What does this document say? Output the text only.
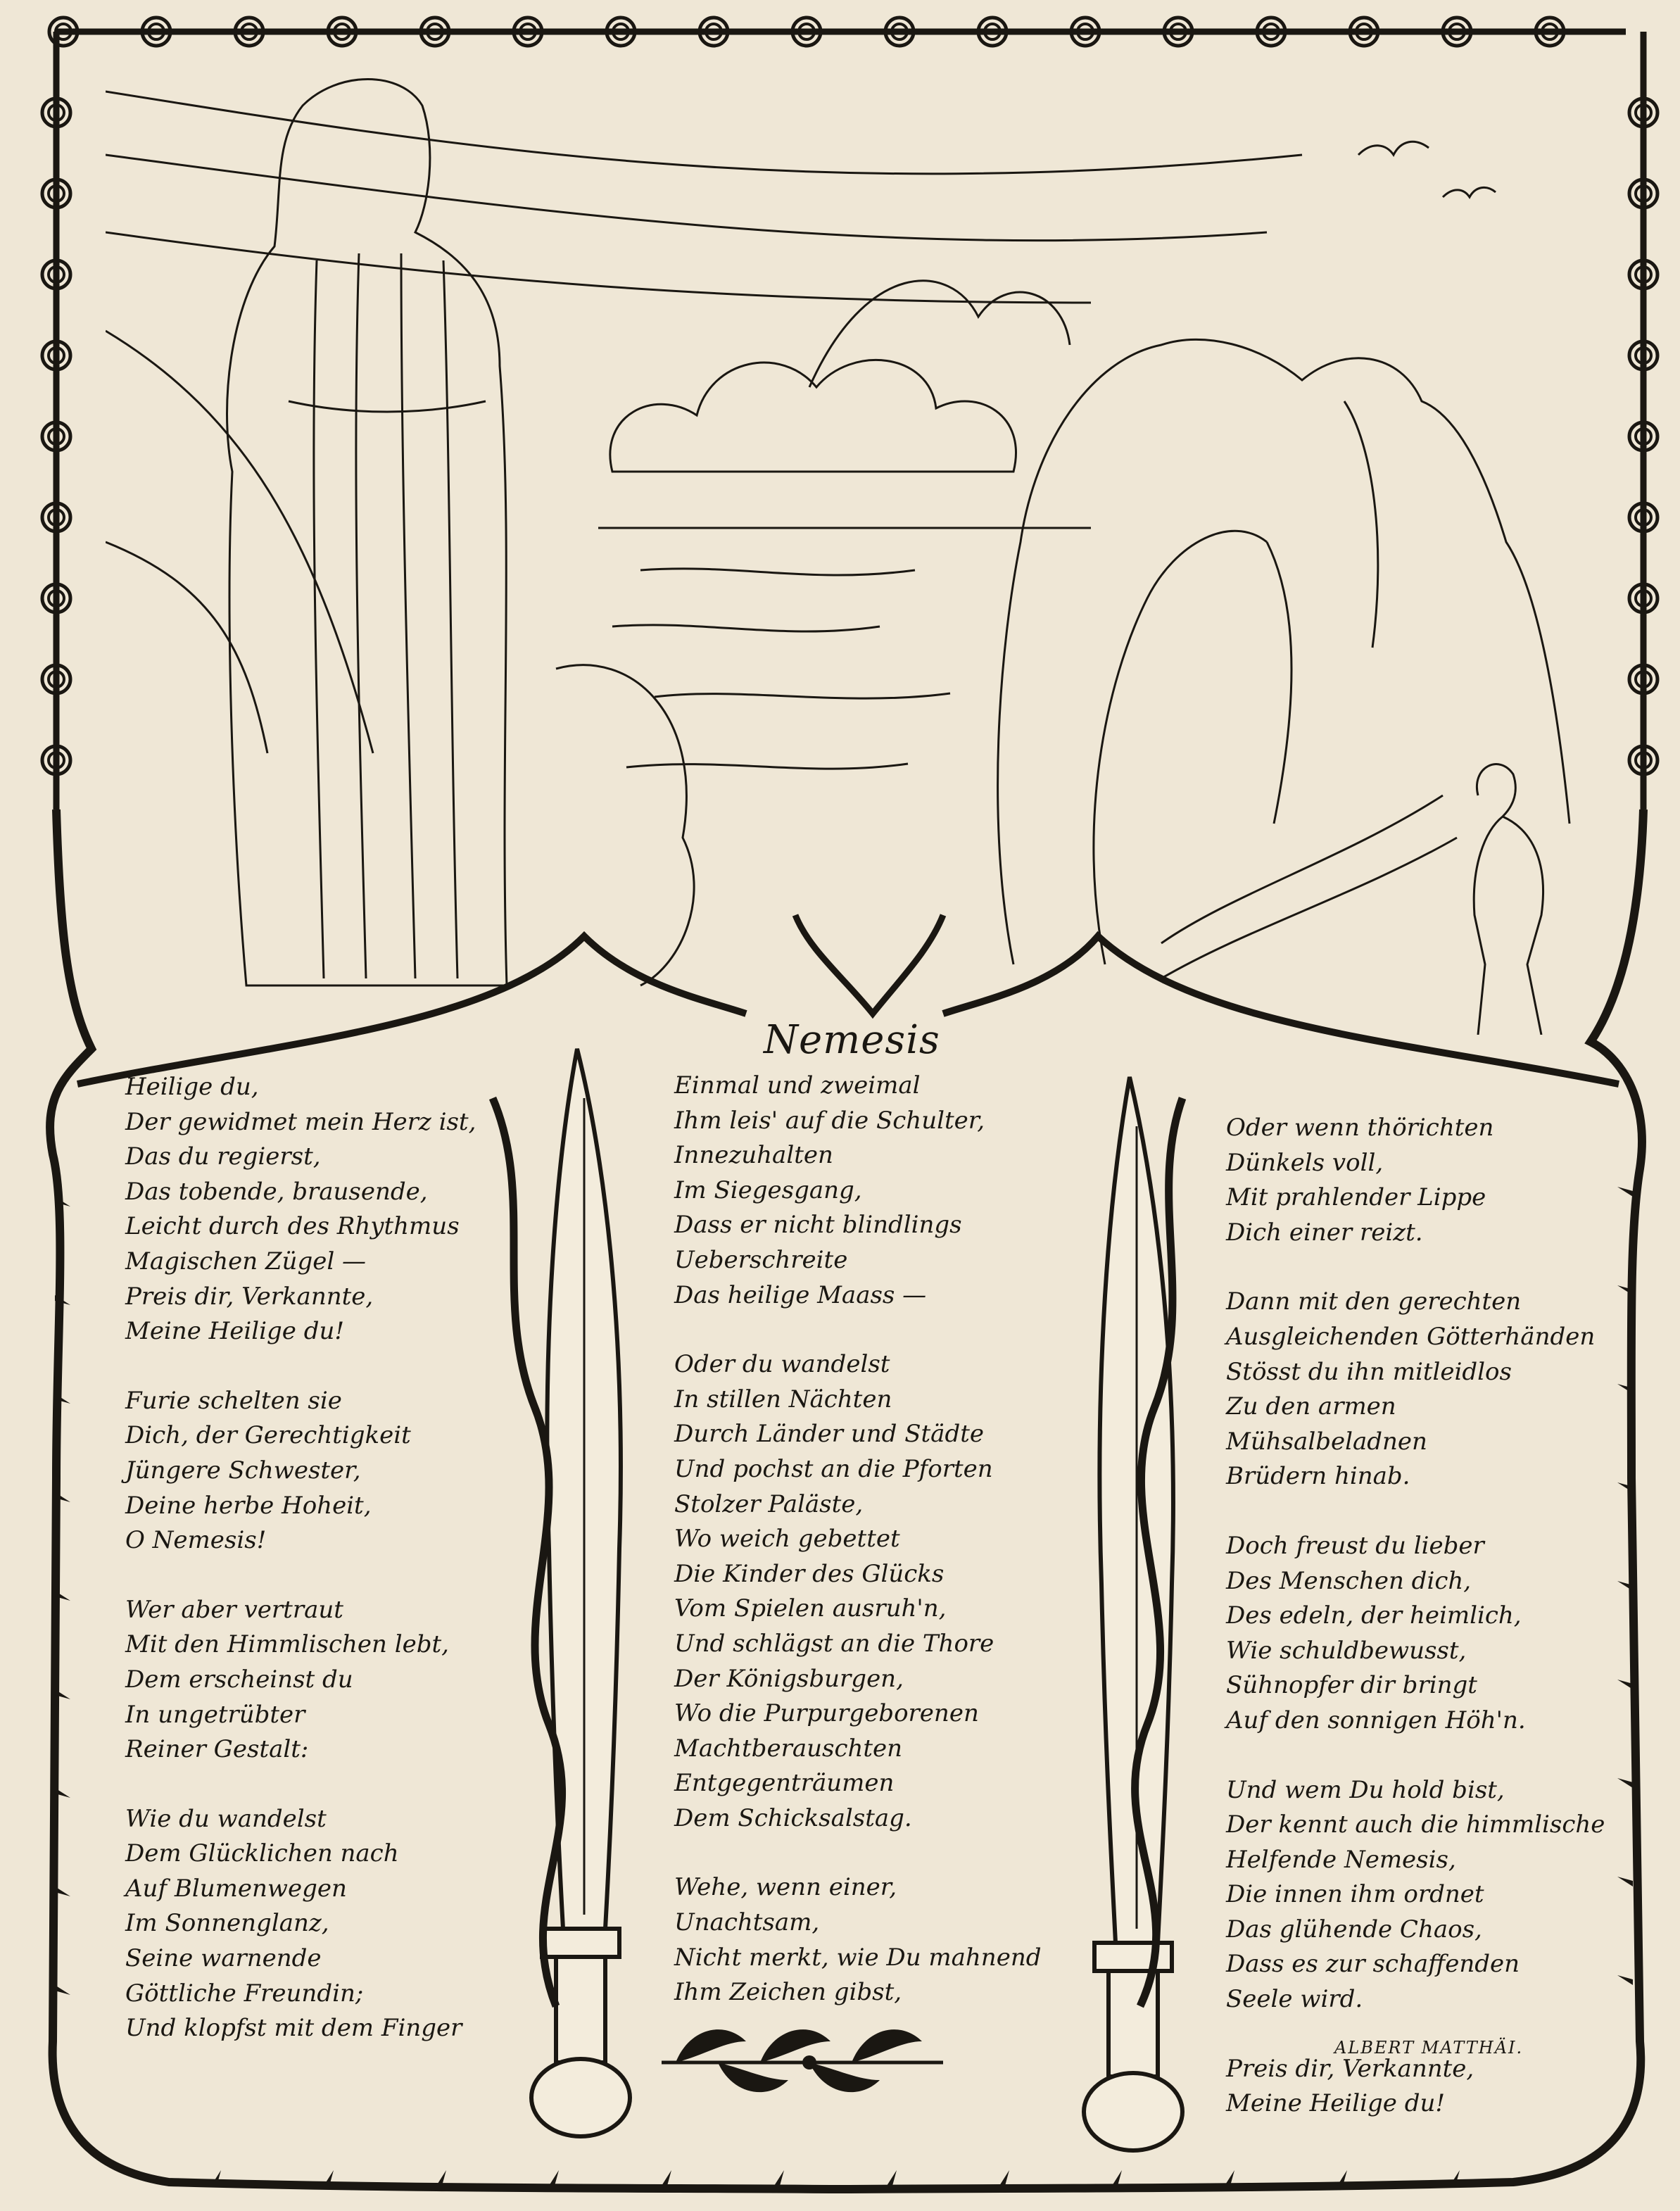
Nemesis
Heilige du,
Der gewidmet mein Herz ist,
Das du regierst,
Das tobende, brausende,
Leicht durch des Rhythmus
Magischen Zügel —
Preis dir, Verkannte,
Meine Heilige du!
Furie schelten sie
Dich, der Gerechtigkeit
Jüngere Schwester,
Deine herbe Hoheit,
O Nemesis!
Wer aber vertraut
Mit den Himmlischen lebt,
Dem erscheinst du
In ungetrübter
Reiner Gestalt:
Wie du wandelst
Dem Glücklichen nach
Auf Blumenwegen
Im Sonnenglanz,
Seine warnende
Göttliche Freundin;
Und klopfst mit dem Finger
Einmal und zweimal
Ihm leis' auf die Schulter,
Innezuhalten
Im Siegesgang,
Dass er nicht blindlings
Ueberschreite
Das heilige Maass —
Oder du wandelst
In stillen Nächten
Durch Länder und Städte
Und pochst an die Pforten
Stolzer Paläste,
Wo weich gebettet
Die Kinder des Glücks
Vom Spielen ausruh'n,
Und schlägst an die Thore
Der Königsburgen,
Wo die Purpurgeborenen
Machtberauschten
Entgegenträumen
Dem Schicksalstag.
Wehe, wenn einer,
Unachtsam,
Nicht merkt, wie Du mahnend
Ihm Zeichen gibst,
Oder wenn thörichten
Dünkels voll,
Mit prahlender Lippe
Dich einer reizt.
Dann mit den gerechten
Ausgleichenden Götterhänden
Stösst du ihn mitleidlos
Zu den armen
Mühsalbeladnen
Brüdern hinab.
Doch freust du lieber
Des Menschen dich,
Des edeln, der heimlich,
Wie schuldbewusst,
Sühnopfer dir bringt
Auf den sonnigen Höh'n.
Und wem Du hold bist,
Der kennt auch die himmlische
Helfende Nemesis,
Die innen ihm ordnet
Das glühende Chaos,
Dass es zur schaffenden
Seele wird.
Preis dir, Verkannte,
Meine Heilige du!
ALBERT MATTHÄI.
